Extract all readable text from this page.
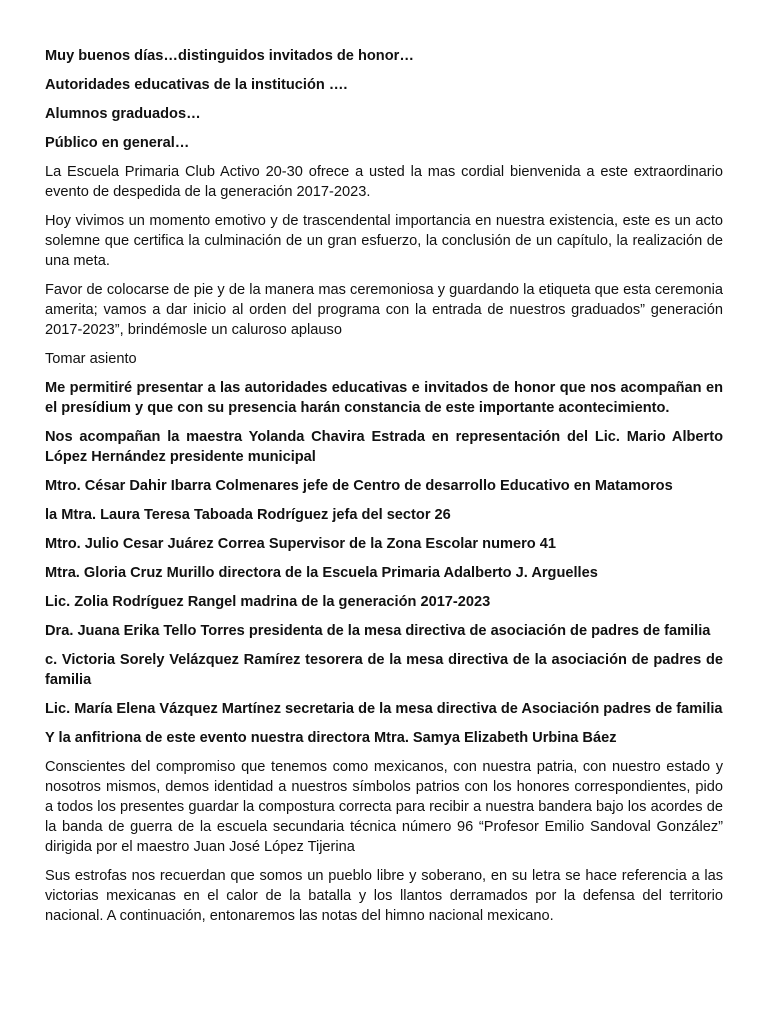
Muy buenos días…distinguidos invitados de honor…

Autoridades educativas de la institución ….

Alumnos graduados…

Público en general…

La Escuela Primaria Club Activo 20-30 ofrece a usted la mas cordial bienvenida a este extraordinario evento de despedida de la generación 2017-2023.

Hoy vivimos un momento emotivo y de trascendental importancia en nuestra existencia, este es un acto solemne que certifica la culminación de un gran esfuerzo, la conclusión de un capítulo, la realización de una meta.

Favor de colocarse de pie y de la manera mas ceremoniosa y guardando la etiqueta que esta ceremonia amerita; vamos a dar inicio al orden del programa con la entrada de nuestros graduados” generación 2017-2023”, brindémosle un caluroso aplauso

Tomar asiento

Me permitiré presentar a las autoridades educativas e invitados de honor que nos acompañan en el presídium y que con su presencia harán constancia de este importante acontecimiento.

Nos acompañan la maestra Yolanda Chavira Estrada en representación del Lic. Mario Alberto López Hernández presidente municipal

Mtro. César Dahir Ibarra Colmenares jefe de Centro de desarrollo Educativo en Matamoros

la Mtra. Laura Teresa Taboada Rodríguez jefa del sector 26

Mtro. Julio Cesar Juárez Correa Supervisor de la Zona Escolar numero 41

Mtra. Gloria Cruz Murillo directora de la Escuela Primaria Adalberto J. Arguelles

Lic. Zolia Rodríguez Rangel madrina de la generación 2017-2023

Dra. Juana Erika Tello Torres presidenta de la mesa directiva de asociación de padres de familia

c. Victoria Sorely Velázquez Ramírez tesorera de la mesa directiva de la asociación de padres de familia

Lic. María Elena Vázquez Martínez secretaria de la mesa directiva de Asociación padres de familia

Y la anfitriona de este evento nuestra directora Mtra. Samya Elizabeth Urbina Báez

Conscientes del compromiso que tenemos como mexicanos, con nuestra patria, con nuestro estado y nosotros mismos, demos identidad a nuestros símbolos patrios con los honores correspondientes, pido a todos los presentes guardar la compostura correcta para recibir a nuestra bandera bajo los acordes de la banda de guerra de la escuela secundaria técnica número 96 “Profesor Emilio Sandoval González” dirigida por el maestro Juan José López Tijerina

Sus estrofas nos recuerdan que somos un pueblo libre y soberano, en su letra se hace referencia a las victorias mexicanas en el calor de la batalla y los llantos derramados por la defensa del territorio nacional. A continuación, entonaremos las notas del himno nacional mexicano.
